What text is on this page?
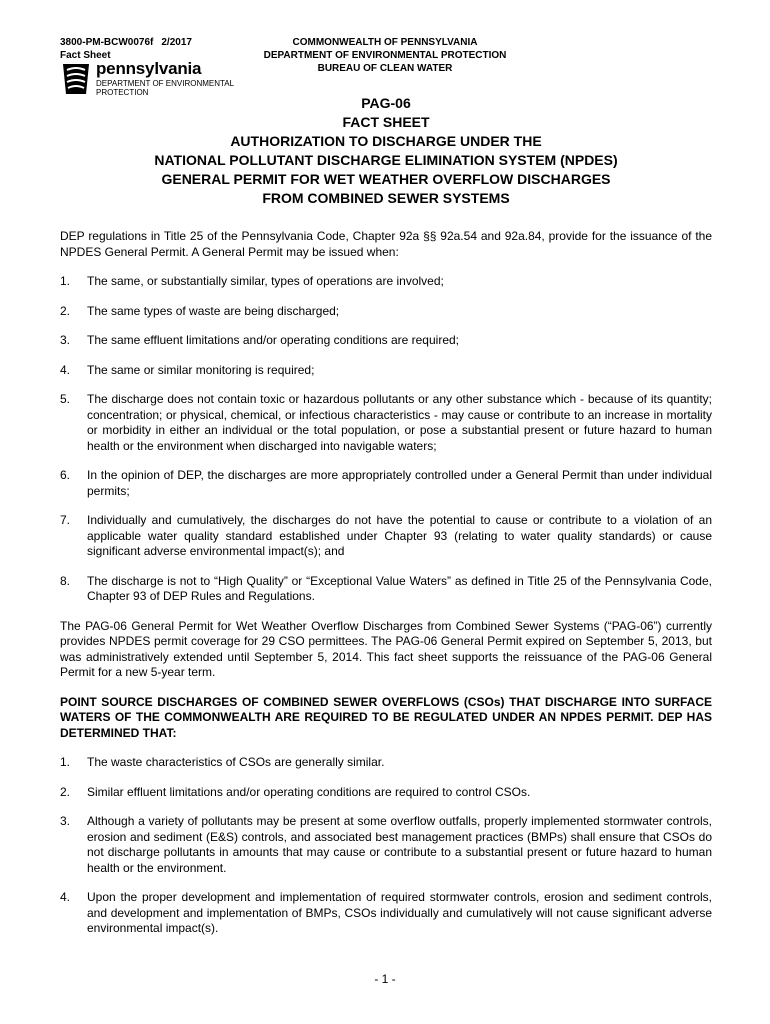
3800-PM-BCW0076f 2/2017
Fact Sheet
pennsylvania
DEPARTMENT OF ENVIRONMENTAL
PROTECTION
COMMONWEALTH OF PENNSYLVANIA
DEPARTMENT OF ENVIRONMENTAL PROTECTION
BUREAU OF CLEAN WATER
PAG-06
FACT SHEET
AUTHORIZATION TO DISCHARGE UNDER THE
NATIONAL POLLUTANT DISCHARGE ELIMINATION SYSTEM (NPDES)
GENERAL PERMIT FOR WET WEATHER OVERFLOW DISCHARGES
FROM COMBINED SEWER SYSTEMS

DEP regulations in Title 25 of the Pennsylvania Code, Chapter 92a §§ 92a.54 and 92a.84, provide for the issuance of the NPDES General Permit. A General Permit may be issued when:

1.	The same, or substantially similar, types of operations are involved;
2.	The same types of waste are being discharged;
3.	The same effluent limitations and/or operating conditions are required;
4.	The same or similar monitoring is required;
5.	The discharge does not contain toxic or hazardous pollutants or any other substance which - because of its quantity; concentration; or physical, chemical, or infectious characteristics - may cause or contribute to an increase in mortality or morbidity in either an individual or the total population, or pose a substantial present or future hazard to human health or the environment when discharged into navigable waters;
6.	In the opinion of DEP, the discharges are more appropriately controlled under a General Permit than under individual permits;
7.	Individually and cumulatively, the discharges do not have the potential to cause or contribute to a violation of an applicable water quality standard established under Chapter 93 (relating to water quality standards) or cause significant adverse environmental impact(s); and
8.	The discharge is not to “High Quality” or “Exceptional Value Waters” as defined in Title 25 of the Pennsylvania Code, Chapter 93 of DEP Rules and Regulations.

The PAG-06 General Permit for Wet Weather Overflow Discharges from Combined Sewer Systems (“PAG-06”) currently provides NPDES permit coverage for 29 CSO permittees. The PAG-06 General Permit expired on September 5, 2013, but was administratively extended until September 5, 2014. This fact sheet supports the reissuance of the PAG-06 General Permit for a new 5-year term.

POINT SOURCE DISCHARGES OF COMBINED SEWER OVERFLOWS (CSOs) THAT DISCHARGE INTO SURFACE WATERS OF THE COMMONWEALTH ARE REQUIRED TO BE REGULATED UNDER AN NPDES PERMIT. DEP HAS DETERMINED THAT:

1.	The waste characteristics of CSOs are generally similar.
2.	Similar effluent limitations and/or operating conditions are required to control CSOs.
3.	Although a variety of pollutants may be present at some overflow outfalls, properly implemented stormwater controls, erosion and sediment (E&S) controls, and associated best management practices (BMPs) shall ensure that CSOs do not discharge pollutants in amounts that may cause or contribute to a substantial present or future hazard to human health or the environment.
4.	Upon the proper development and implementation of required stormwater controls, erosion and sediment controls, and development and implementation of BMPs, CSOs individually and cumulatively will not cause significant adverse environmental impact(s).
- 1 -
